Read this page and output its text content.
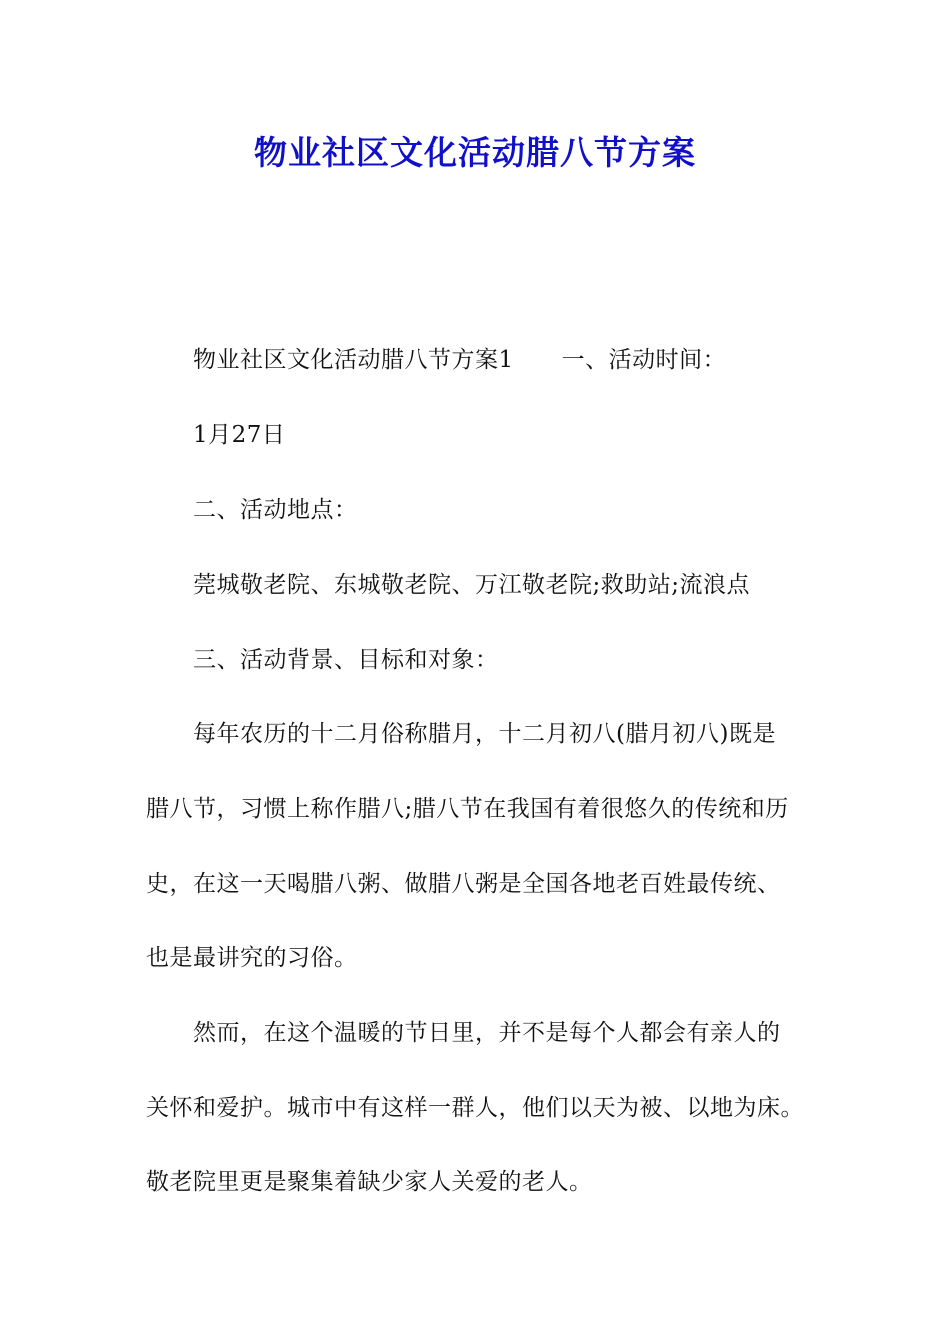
物业社区文化活动腊八节方案
物业社区文化活动腊八节方案1 一、活动时间：
1月27日
二、活动地点：
莞城敬老院、东城敬老院、万江敬老院;救助站;流浪点
三、活动背景、目标和对象：
每年农历的十二月俗称腊月，十二月初八(腊月初八)既是
腊八节，习惯上称作腊八;腊八节在我国有着很悠久的传统和历
史，在这一天喝腊八粥、做腊八粥是全国各地老百姓最传统、
也是最讲究的习俗。
然而，在这个温暖的节日里，并不是每个人都会有亲人的
关怀和爱护。城市中有这样一群人，他们以天为被、以地为床。
敬老院里更是聚集着缺少家人关爱的老人。
